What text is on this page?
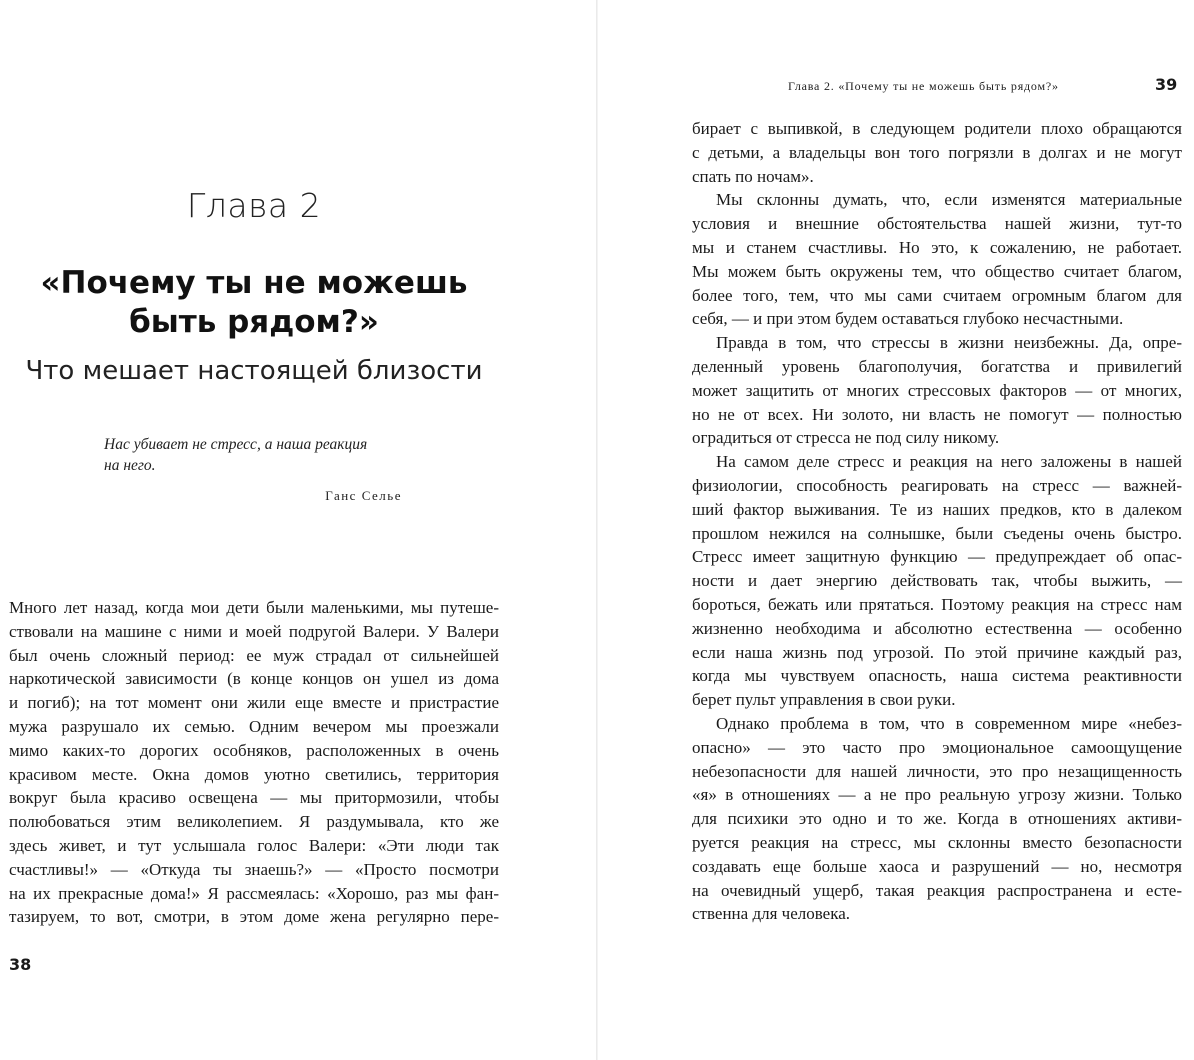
Глава 2
«Почему ты не можешь
быть рядом?»
Что мешает настоящей близости
Нас убивает не стресс, а наша реакция
на него.
Ганс Селье
Много лет назад, когда мои дети были маленькими, мы путеше-
ствовали на машине с ними и моей подругой Валери. У Валери
был очень сложный период: ее муж страдал от сильнейшей
наркотической зависимости (в конце концов он ушел из дома
и погиб); на тот момент они жили еще вместе и пристрастие
мужа разрушало их семью. Одним вечером мы проезжали
мимо каких-то дорогих особняков, расположенных в очень
красивом месте. Окна домов уютно светились, территория
вокруг была красиво освещена — мы притормозили, чтобы
полюбоваться этим великолепием. Я раздумывала, кто же
здесь живет, и тут услышала голос Валери: «Эти люди так
счастливы!» — «Откуда ты знаешь?» — «Просто посмотри
на их прекрасные дома!» Я рассмеялась: «Хорошо, раз мы фан-
тазируем, то вот, смотри, в этом доме жена регулярно пере-
38
Глава 2. «Почему ты не можешь быть рядом?»	39
бирает с выпивкой, в следующем родители плохо обращаются
с детьми, а владельцы вон того погрязли в долгах и не могут
спать по ночам».
Мы склонны думать, что, если изменятся материальные
условия и внешние обстоятельства нашей жизни, тут-то
мы и станем счастливы. Но это, к сожалению, не работает.
Мы можем быть окружены тем, что общество считает благом,
более того, тем, что мы сами считаем огромным благом для
себя, — и при этом будем оставаться глубоко несчастными.
Правда в том, что стрессы в жизни неизбежны. Да, опре-
деленный уровень благополучия, богатства и привилегий
может защитить от многих стрессовых факторов — от многих,
но не от всех. Ни золото, ни власть не помогут — полностью
оградиться от стресса не под силу никому.
На самом деле стресс и реакция на него заложены в нашей
физиологии, способность реагировать на стресс — важней-
ший фактор выживания. Те из наших предков, кто в далеком
прошлом нежился на солнышке, были съедены очень быстро.
Стресс имеет защитную функцию — предупреждает об опас-
ности и дает энергию действовать так, чтобы выжить, —
бороться, бежать или прятаться. Поэтому реакция на стресс нам
жизненно необходима и абсолютно естественна — особенно
если наша жизнь под угрозой. По этой причине каждый раз,
когда мы чувствуем опасность, наша система реактивности
берет пульт управления в свои руки.
Однако проблема в том, что в современном мире «небез-
опасно» — это часто про эмоциональное самоощущение
небезопасности для нашей личности, это про незащищенность
«я» в отношениях — а не про реальную угрозу жизни. Только
для психики это одно и то же. Когда в отношениях активи-
руется реакция на стресс, мы склонны вместо безопасности
создавать еще больше хаоса и разрушений — но, несмотря
на очевидный ущерб, такая реакция распространена и есте-
ственна для человека.
